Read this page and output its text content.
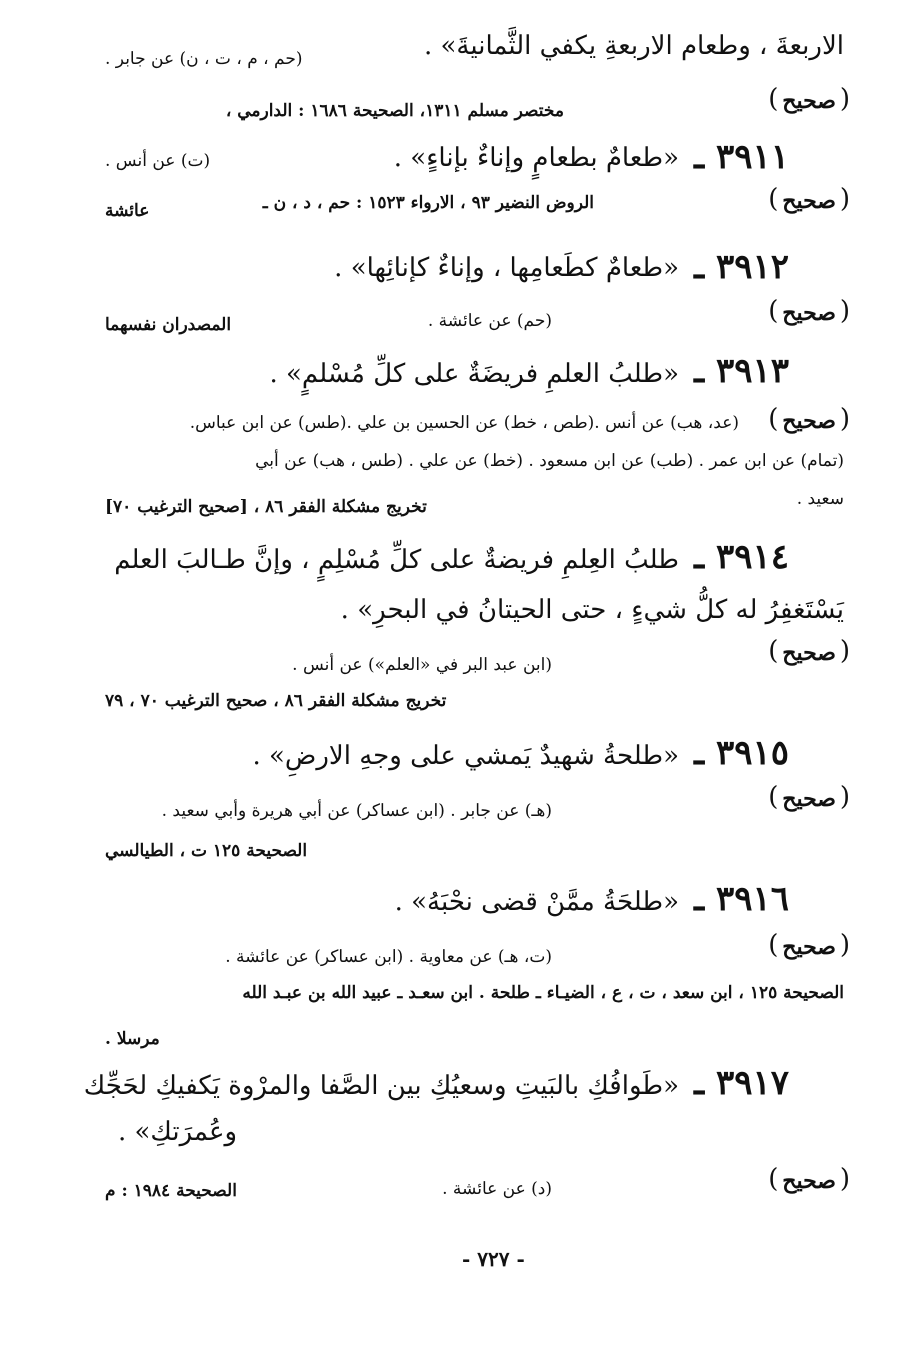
الاربعةَ ، وطعام الاربعةِ يكفي الثَّمانيةَ» .
(حم ، م ، ت ، ن) عن جابر .
( صحيح )
مختصر مسلم ١٣١١، الصحيحة ١٦٨٦ : الدارمي ،
٣٩١١ ـ
«طعامٌ بطعامٍ وإناءٌ بإناءٍ» .
(ت) عن أنس .
( صحيح )
الروض النضير ٩٣ ، الارواء ١٥٢٣ : حم ، د ، ن ـ
عائشة
٣٩١٢ ـ
«طعامٌ كطَعامِها ، وإناءٌ كإنائِها» .
( صحيح )
(حم) عن عائشة .
المصدران نفسهما
٣٩١٣ ـ
«طلبُ العلمِ فريضَةٌ على كلِّ مُسْلمٍ» .
( صحيح )
(عد، هب) عن أنس .(طص ، خط) عن الحسين بن علي .(طس) عن ابن عباس.
(تمام) عن ابن عمر . (طب) عن ابن مسعود . (خط) عن علي . (طس ، هب) عن أبي
سعيد .
تخريج مشكلة الفقر ٨٦ ، [صحيح الترغيب ٧٠]
٣٩١٤ ـ
طلبُ العِلمِ فريضةٌ على كلِّ مُسْلِمٍ ، وإنَّ طـالبَ العلم
يَسْتَغفِرُ له كلُّ شيءٍ ، حتى الحيتانُ في البحرِ» .
( صحيح )
(ابن عبد البر في «العلم») عن أنس .
تخريج مشكلة الفقر ٨٦ ، صحيح الترغيب ٧٠ ، ٧٩
٣٩١٥ ـ
«طلحةُ شهيدٌ يَمشي على وجهِ الارضِ» .
( صحيح )
(هـ) عن جابر . (ابن عساكر) عن أبي هريرة وأبي سعيد .
الصحيحة ١٢٥ ت ، الطيالسي
٣٩١٦ ـ
«طلحَةُ ممَّنْ قضى نحْبَهُ» .
( صحيح )
(ت، هـ) عن معاوية . (ابن عساكر) عن عائشة .
الصحيحة ١٢٥ ، ابن سعد ، ت ، ع ، الضيـاء ـ طلحة . ابن سعـد ـ عبيد الله بن عبـد الله
مرسلا .
٣٩١٧ ـ
«طَوافُكِ بالبَيتِ وسعيُكِ بين الصَّفا والمرْوة يَكفيكِ لحَجِّك
وعُمرَتكِ» .
( صحيح )
(د) عن عائشة .
الصحيحة ١٩٨٤ : م
- ٧٢٧ -
